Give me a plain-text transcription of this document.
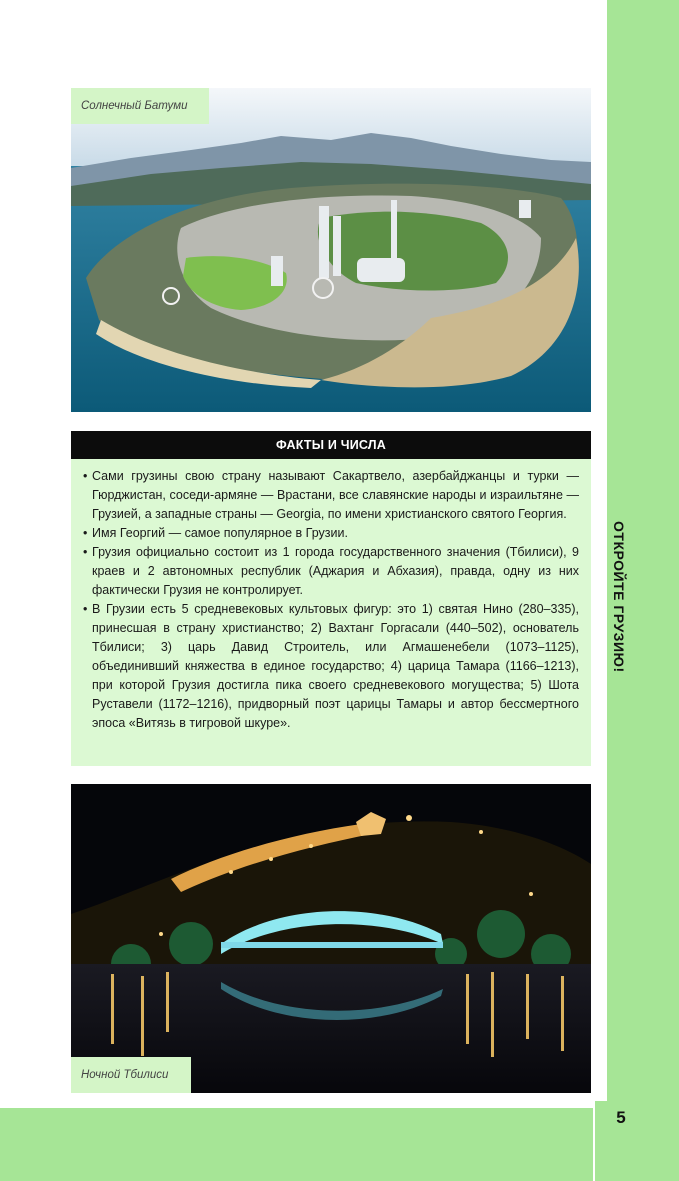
ОТКРОЙТЕ ГРУЗИЮ!
Солнечный Батуми
ФАКТЫ И ЧИСЛА
• Сами грузины свою страну называют Сакартвело, азербайджанцы и турки — Гюрджистан, соседи-армяне — Врастани, все славянские народы и израильтяне — Грузией, а западные страны — Georgia, по имени христианского святого Георгия.
• Имя Георгий — самое популярное в Грузии.
• Грузия официально состоит из 1 города государственного значения (Тбилиси), 9 краев и 2 автономных республик (Аджария и Абхазия), правда, одну из них фактически Грузия не контролирует.
• В Грузии есть 5 средневековых культовых фигур: это 1) святая Нино (280–335), принесшая в страну христианство; 2) Вахтанг Горгасали (440–502), основатель Тбилиси; 3) царь Давид Строитель, или Агмашенебели (1073–1125), объединивший княжества в единое государство; 4) царица Тамара (1166–1213), при которой Грузия достигла пика своего средневекового могущества; 5) Шота Руставели (1172–1216), придворный поэт царицы Тамары и автор бессмертного эпоса «Витязь в тигровой шкуре».
Ночной Тбилиси
5
